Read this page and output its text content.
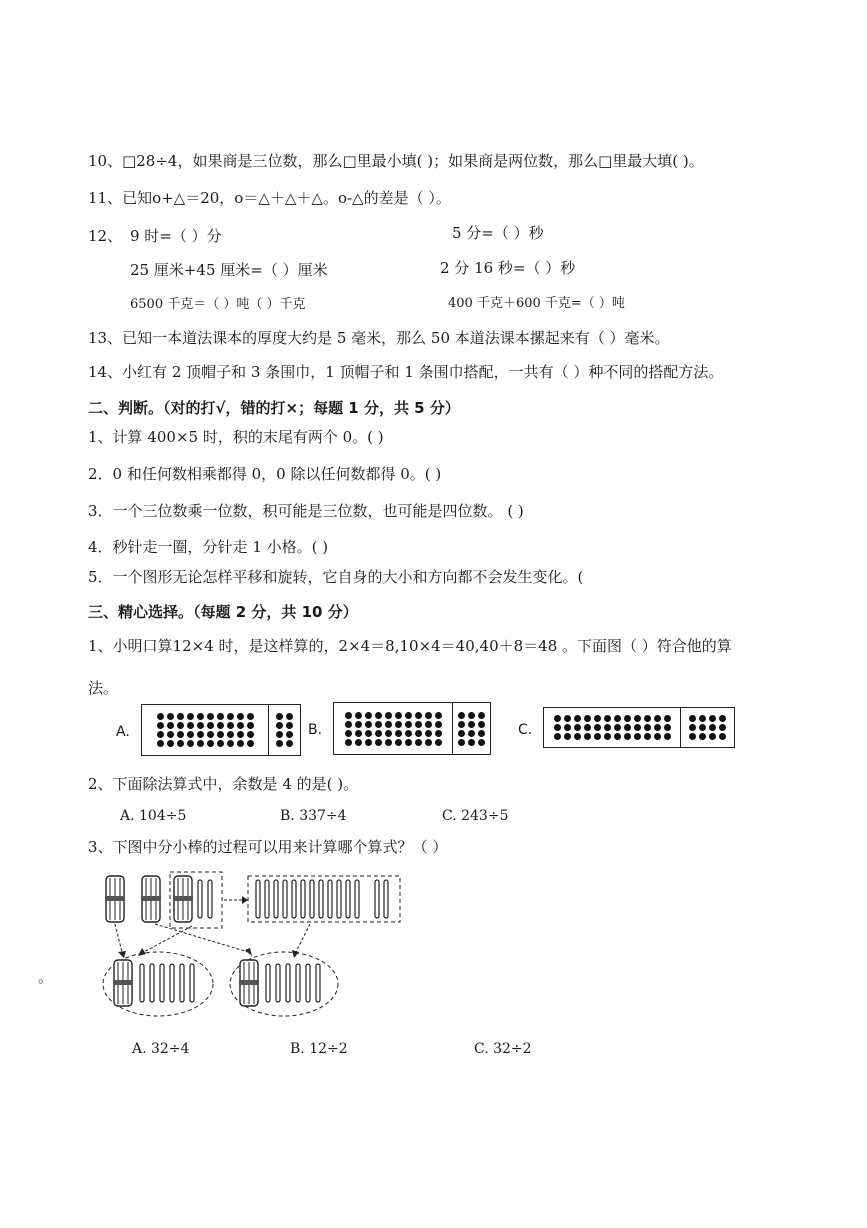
10、□28÷4，如果商是三位数，那么□里最小填( )；如果商是两位数，那么□里最大填( )。
11、已知o+△＝20，o＝△＋△＋△。o-△的差是（ ）。
12、 9 时=（ ）分	5 分=（ ）秒
25 厘米+45 厘米=（ ）厘米	2 分 16 秒=（ ）秒
6500 千克＝（ ）吨（ ）千克	400 千克＋600 千克=（ ）吨
13、已知一本道法课本的厚度大约是 5 毫米，那么 50 本道法课本摞起来有（ ）毫米。
14、小红有 2 顶帽子和 3 条围巾，1 顶帽子和 1 条围巾搭配，一共有（ ）种不同的搭配方法。
二、判断。（对的打√，错的打×；每题 1 分，共 5 分）
1、计算 400×5 时，积的末尾有两个 0。( )
2．0 和任何数相乘都得 0，0 除以任何数都得 0。( )
3．一个三位数乘一位数，积可能是三位数，也可能是四位数。 ( )
4．秒针走一圈，分针走 1 小格。( )
5．一个图形无论怎样平移和旋转，它自身的大小和方向都不会发生变化。(
三、精心选择。（每题 2 分，共 10 分）
1、小明口算12×4 时，是这样算的，2×4＝8,10×4＝40,40＋8＝48 。下面图（ ）符合他的算
法。
A.	B.	C.
2、下面除法算式中，余数是 4 的是( )。
A. 104÷5	B. 337÷4	C. 243÷5
3、下图中分小棒的过程可以用来计算哪个算式？（ ）
。
A. 32÷4	B. 12÷2	C. 32÷2
